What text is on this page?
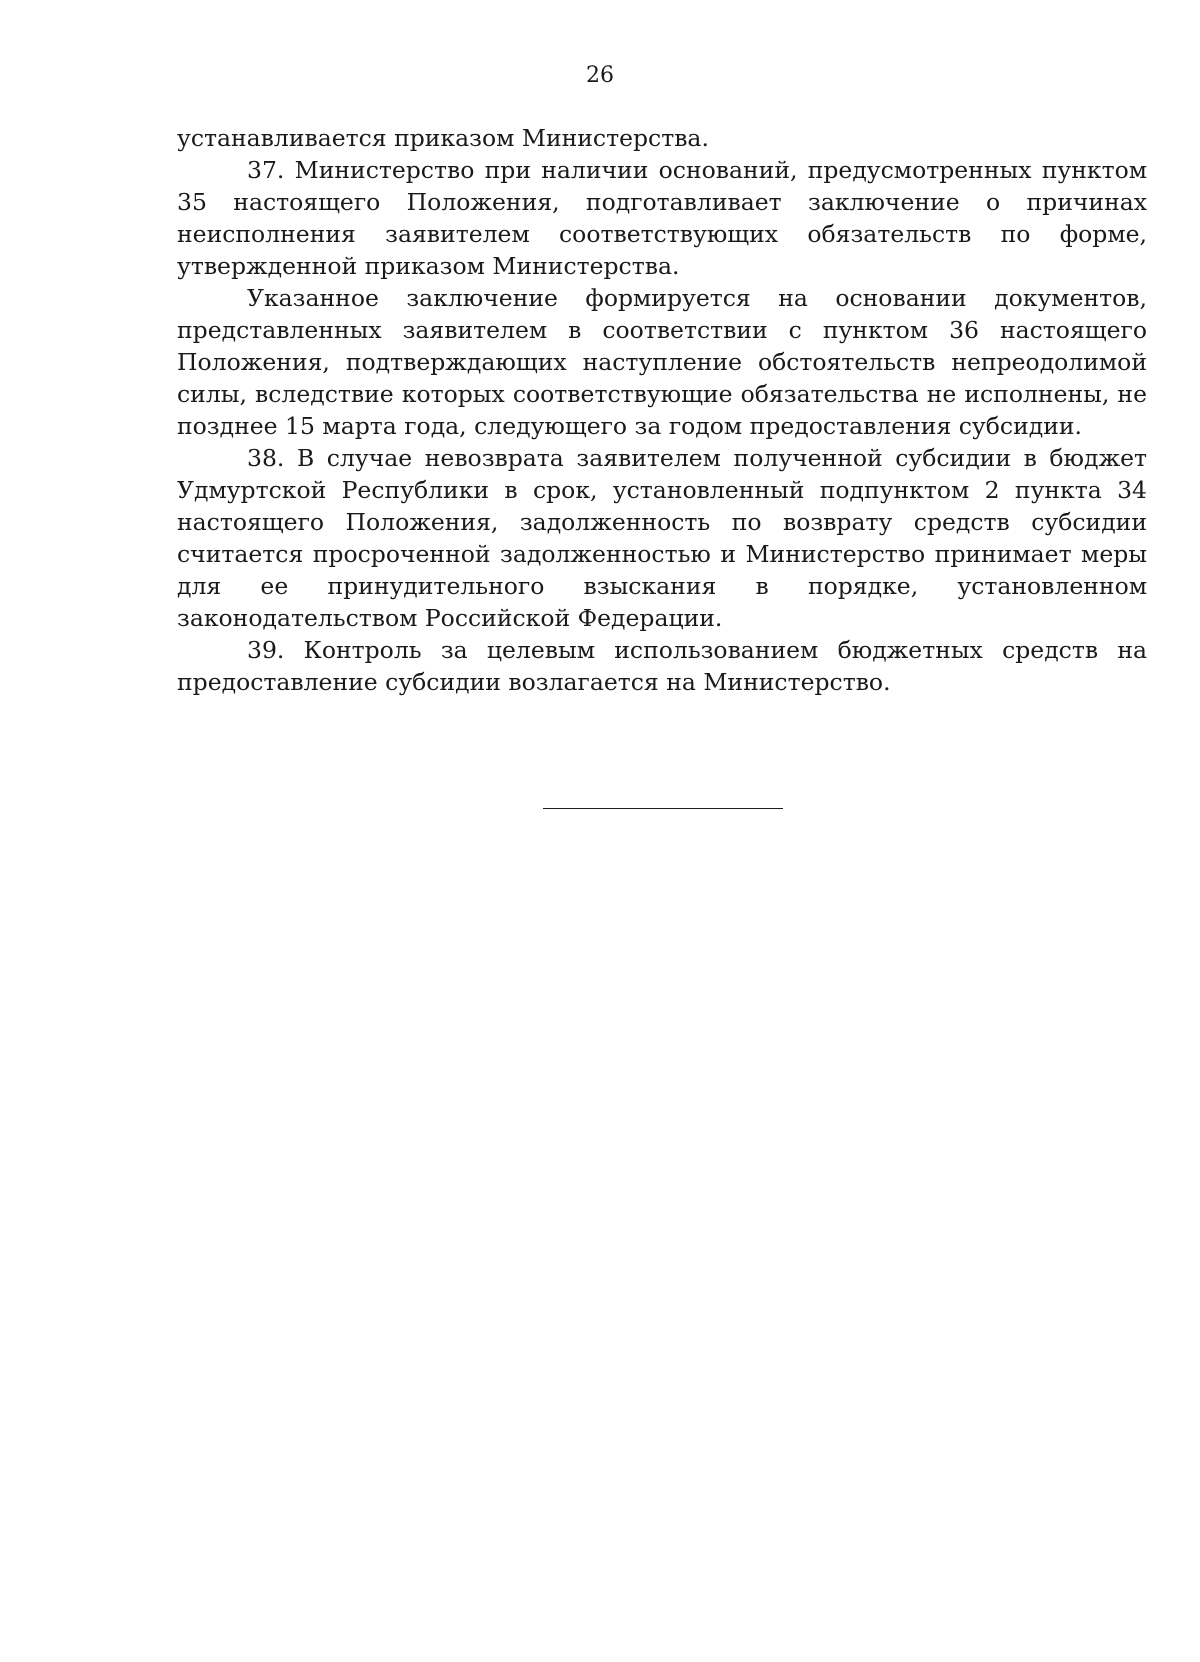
26

устанавливается приказом Министерства.

37. Министерство при наличии оснований, предусмотренных пунктом 35 настоящего Положения, подготавливает заключение о причинах неисполнения заявителем соответствующих обязательств по форме, утвержденной приказом Министерства.

Указанное заключение формируется на основании документов, представленных заявителем в соответствии с пунктом 36 настоящего Положения, подтверждающих наступление обстоятельств непреодолимой силы, вследствие которых соответствующие обязательства не исполнены, не позднее 15 марта года, следующего за годом предоставления субсидии.

38. В случае невозврата заявителем полученной субсидии в бюджет Удмуртской Республики в срок, установленный подпунктом 2 пункта 34 настоящего Положения, задолженность по возврату средств субсидии считается просроченной задолженностью и Министерство принимает меры для ее принудительного взыскания в порядке, установленном законодательством Российской Федерации.

39. Контроль за целевым использованием бюджетных средств на предоставление субсидии возлагается на Министерство.
